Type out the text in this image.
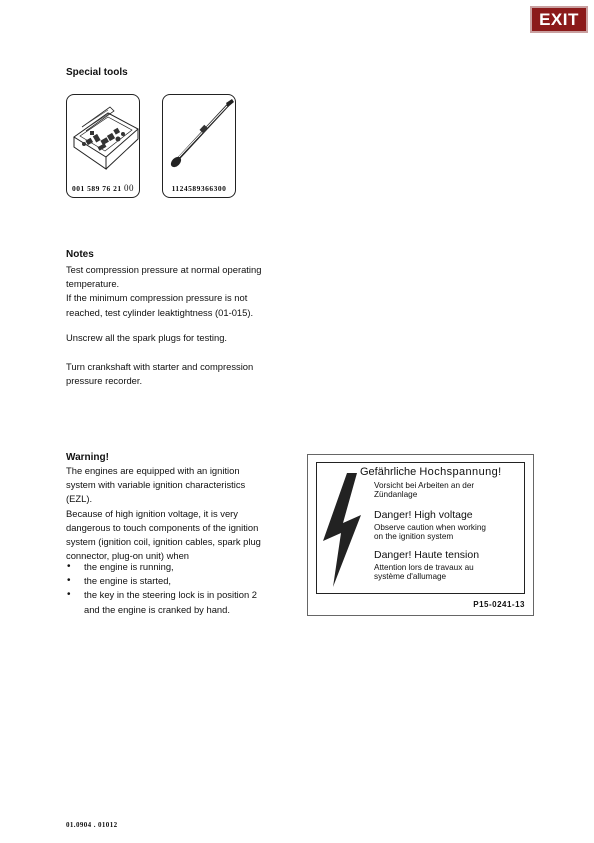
EXIT
Special tools
001 589 76 21 00	1124589366300
Notes
Test compression pressure at normal operating
temperature.
If the minimum compression pressure is not
reached, test cylinder leaktightness (01-015).
Unscrew all the spark plugs for testing.
Turn crankshaft with starter and compression
pressure recorder.
Warning!
The engines are equipped with an ignition
system with variable ignition characteristics
(EZL).
Because of high ignition voltage, it is very
dangerous to touch components of the ignition
system (ignition coil, ignition cables, spark plug
connector, plug-on unit) when
• the engine is running,
• the engine is started,
• the key in the steering lock is in position 2
and the engine is cranked by hand.
Gefährliche Hochspannung!
Vorsicht bei Arbeiten an der
Zündanlage
Danger! High voltage
Observe caution when working
on the ignition system
Danger! Haute tension
Attention lors de travaux au
système d'allumage
P15-0241-13
01.0904 . 01012
